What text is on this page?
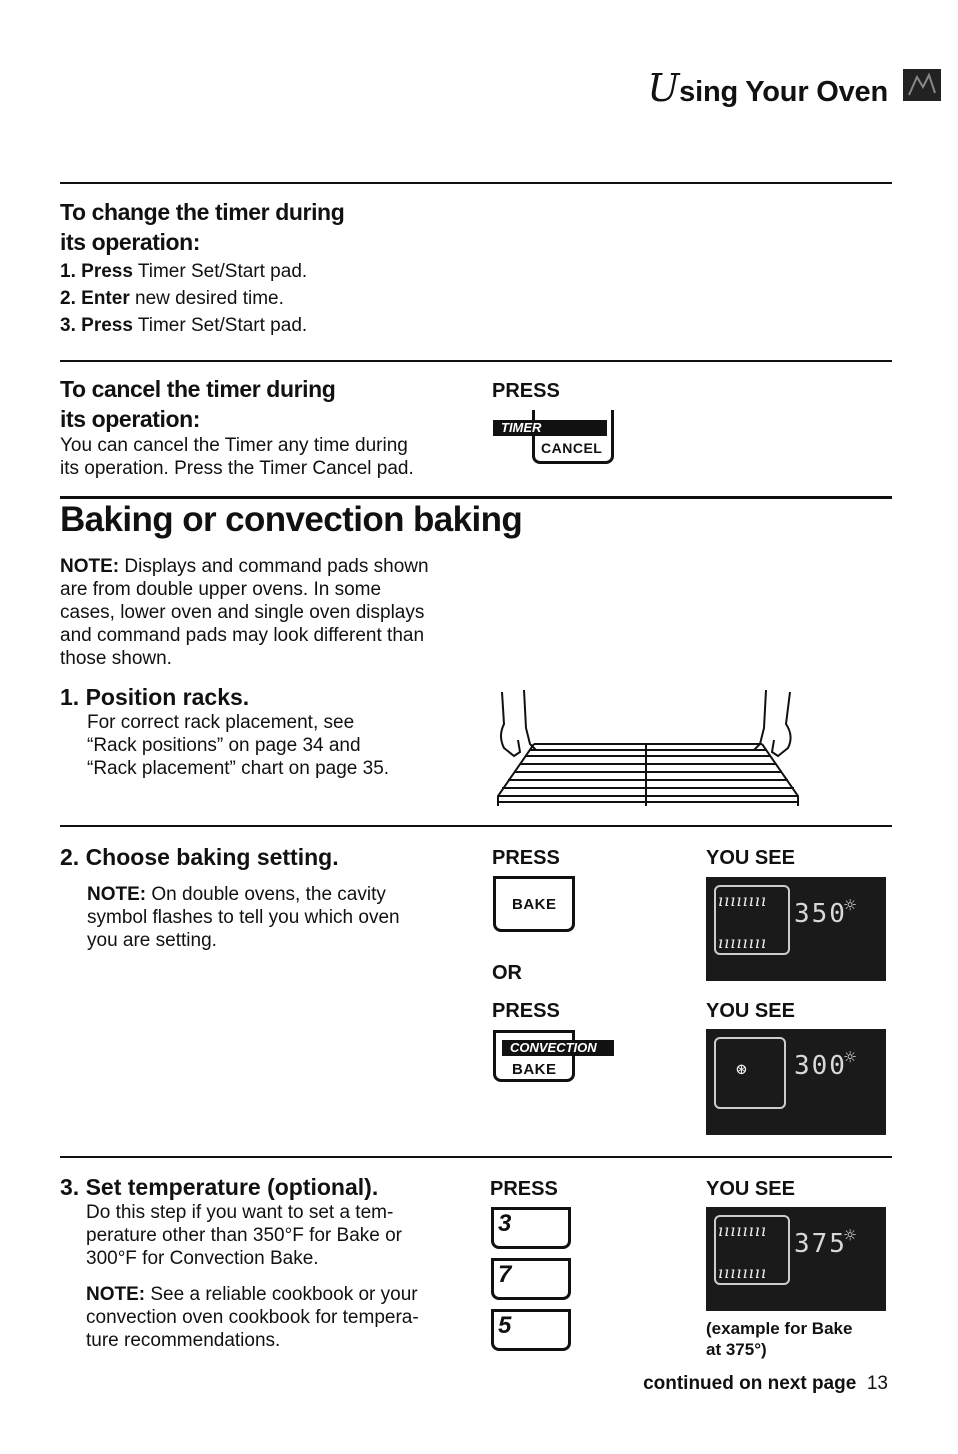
Using Your Oven
To change the timer during
its operation:
1. Press Timer Set/Start pad.
2. Enter new desired time.
3. Press Timer Set/Start pad.
To cancel the timer during
its operation:
You can cancel the Timer any time during
its operation. Press the Timer Cancel pad.
PRESS
CANCEL
TIMER
Baking or convection baking
NOTE: Displays and command pads shown
are from double upper ovens. In some
cases, lower oven and single oven displays
and command pads may look different than
those shown.
1. Position racks.
For correct rack placement, see
“Rack positions” on page 34 and
“Rack placement” chart on page 35.
2. Choose baking setting.
NOTE: On double ovens, the cavity
symbol flashes to tell you which oven
you are setting.
PRESS
BAKE
OR
PRESS
BAKE
CONVECTION
YOU SEE
ıııııııı
ıııııııı
350
☼
YOU SEE
⊛ 300
☼
3. Set temperature (optional).
Do this step if you want to set a tem-
perature other than 350°F for Bake or
300°F for Convection Bake.
NOTE: See a reliable cookbook or your
convection oven cookbook for tempera-
ture recommendations.
PRESS
3
7
5
YOU SEE
ıııııııı
ıııııııı
375
☼
(example for Bake
at 375°)
continued on next page 13
